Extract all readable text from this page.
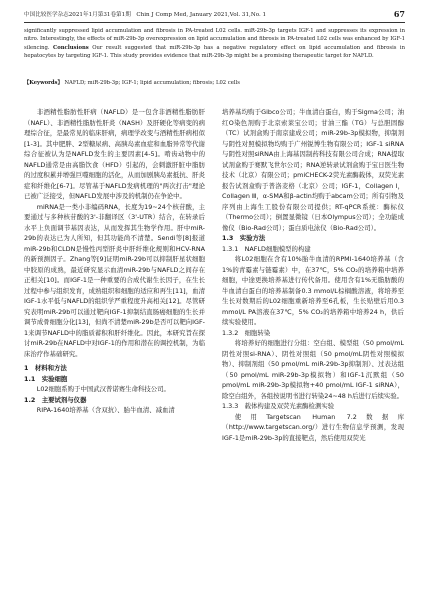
中国比较医学杂志2021年1月第31卷第1期　Chin J Comp Med, January 2021,Vol. 31,No. 1	67
significantly suppressed lipid accumulation and fibrosis in PA-treated L02 cells. miR-29b-3p targets IGF-1 and suppresses its expression in nitro. Interestingly, the effects of miR-29b-3p overexpression on lipid accumulation and fibrosis in PA-treated L02 cells was enhanced by IGF-1 silencing. Conclusions Our result suggested that miR-29b-3p has a negative regulatory effect on lipid accumulation and fibrosis in hepatocytes by targeting IGF-1. This study provides evidence that miR-29b-3p might be a promising therapeutic target for NAFLD.
【Keywords】 NAFLD; miR-29b-3p; IGF-1; lipid accumulation; fibrosis; L02 cells

非酒精性脂肪性肝病（NAFLD）是一包含非酒精性脂肪肝（NAFL）、非酒精性脂肪性肝炎（NASH）及肝硬化等病变的病理综合征，是最常见的临床肝病，病理学改变与酒精性肝病相似[1-3]。其中肥胖、2型糖尿病、高胰岛素血症和血脂异常等代谢综合征被认为是NAFLD发生的主要因素[4-5]。啃齿动物中的NAFLD通常是由高脂饮食（HFD）引起的，会刺激肝脏中脂肪的过度积累并增强巨噬细胞的活化，从而加剧胰岛素抵抗、肝炎症和纤维化[6-7]。尽管基于NAFLD发病机理的"两次打击"理论已被广泛接受，但NAFLD发展中涉及的机制仍在争论中。

miRNA是一类小非编码RNA，长度为19~24个核苷酸，主要通过与多种核苷酸的3'-非翻译区（3'-UTR）结合，在转录后水平上负面调节基因表达，从而发挥其生物学作用。肝中miR-29b的表达已为人所知，但其功能尚不清楚。Sendi等[8]报道miR-29b和CLDN是慢性丙型肝炎中肝纤维化规则和HCV-RNA的新预测因子。Zhang等[9]证明miR-29b可以抑制肝星状细胞中胶原的成熟，最近研究显示血清miR-29b与NAFLD之间存在正相关[10]。而IGF-1是一种重要的合成代谢生长因子，在生长过程中参与组织发育，成熟组织和细胞的适应和再生[11]，血清IGF-1水平低与NAFLD的组织学严重程度升高相关[12]。尽管研究表明miR-29b可以通过靶向IGF-1抑制结直肠癌细胞的生长并调节成骨细胞分化[13]，但尚不清楚miR-29b是否可以靶向IGF-1来调节NAFLD中的脂质蓄积和肝纤维化。因此，本研究旨在探讨miR-29b在NAFLD中对IGF-1的作用和潜在的调控机制，为临床治疗作基础研究。

1　材料和方法

1.1　实验细胞

L02细胞系购于中国武汉普诺赛生命科技公司。

1.2　主要试剂与仪器

RIPA-1640培养基（含双抗）、胎牛血清、减血清

培养基均购于Gibco公司；牛血清白蛋白，购于Sigma公司；油红O染色剂购于北京索莱宝公司；甘油三酯（TG）与总胆固醇（TC）试剂盒购于南京建成公司；miR-29b-3p模拟物，抑制剂与阴性对照模拟物均购于广州锐博生物有限公司；IGF-1 siRNA与阴性对照siRNA由上海基因制药科技有限公司合成；RNA提取试剂盒购于赛默飞世尔公司；RNA逆转录试剂盒购于宝日医生物技术（北京）有限公司；pmiCHECK-2荧光素酶载体，双荧光素报告试剂盒购于普洛麦格（北京）公司；IGF-1，Collagen I，Collagen Ⅲ，α-SMA和β-actin均购于abcam公司；所有引物及序列由上海生工股份有限公司提供；RT-qPCR系统：酶标仪（Thermo公司）；倒置显微镜（日本Olympus公司）；全功能成像仪（Bio-Rad公司）；蛋白质电泳仪（Bio-Rad公司）。

1.3　实验方法

1.3.1　NAFLD细胞模型的构建

将L02细胞在含有10%胎牛血清的RPMI-1640培养基（含1%的青霉素与链霉素）中，在37℃，5% CO₂的培养箱中培养细胞，中途更换培养基进行传代备用。使用含有1%无脂肪酸的牛血清白蛋白的培养基制备0.3 mmol/L棕榈酸溶液，将培养至生长对数期后的L02细胞重新培养至6孔板，生长贴壁后用0.3 mmol/L PA溶液在37℃，5% CO₂的培养箱中培养24 h，供后续实验使用。

1.3.2　细胞转染

将培养好的细胞进行分组：空白组、模型组（50 pmol/mL阴性对照si-RNA）、阴性对照组（50 pmol/mL阴性对照模拟物）、抑制剂组（50 pmol/mL miR-29b-3p抑制剂）、过表达组（50 pmol/mL miR-29b-3p模拟物）和IGF-1沉默组（50 pmol/mL miR-29b-3p模拟物+40 pmol/mL IGF-1 siRNA），除空白组外，各组按说明书进行转染24~48 h后进行后续实验。

1.3.3　载体构建及双荧光素酶检测实验

使用Targetscan Human 7.2数据库（http://www.targetscan.org/）进行生物信息学预测，发现IGF-1是miR-29b-3p的直接靶点，然后使用双荧光
